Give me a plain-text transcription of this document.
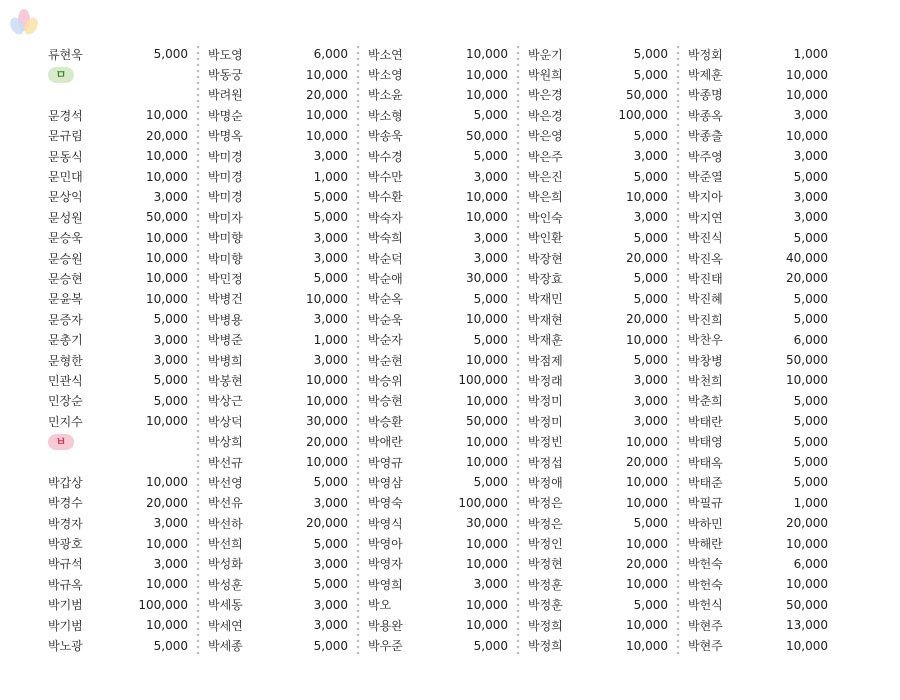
류현욱	5,000
ㅁ
문경석	10,000
문규림	20,000
문동식	10,000
문민대	10,000
문상익	3,000
문성원	50,000
문승욱	10,000
문승원	10,000
문승현	10,000
문윤복	10,000
문증자	5,000
문총기	3,000
문형한	3,000
민관식	5,000
민장순	5,000
민지수	10,000
ㅂ
박갑상	10,000
박경수	20,000
박경자	3,000
박광호	10,000
박규석	3,000
박규옥	10,000
박기범	100,000
박기범	10,000
박노광	5,000
박도영	6,000
박동궁	10,000
박려원	20,000
박명순	10,000
박명옥	10,000
박미경	3,000
박미경	1,000
박미경	5,000
박미자	5,000
박미향	3,000
박미향	3,000
박민정	5,000
박병건	10,000
박병용	3,000
박병준	1,000
박병희	3,000
박봉현	10,000
박상근	10,000
박상덕	30,000
박상희	20,000
박선규	10,000
박선영	5,000
박선유	3,000
박선하	20,000
박선희	5,000
박성화	3,000
박성훈	5,000
박세동	3,000
박세연	3,000
박세종	5,000
박소연	10,000
박소영	10,000
박소윤	10,000
박소형	5,000
박송욱	50,000
박수경	5,000
박수만	3,000
박수환	10,000
박숙자	10,000
박숙희	3,000
박순덕	3,000
박순애	30,000
박순옥	5,000
박순욱	10,000
박순자	5,000
박순현	10,000
박승위	100,000
박승현	10,000
박승환	50,000
박애란	10,000
박영규	10,000
박영삼	5,000
박영숙	100,000
박영식	30,000
박영아	10,000
박영자	10,000
박영희	3,000
박오	10,000
박용완	10,000
박우준	5,000
박운기	5,000
박원희	5,000
박은경	50,000
박은경	100,000
박은영	5,000
박은주	3,000
박은진	5,000
박은희	10,000
박인숙	3,000
박인환	5,000
박장현	20,000
박장효	5,000
박재민	5,000
박재현	20,000
박재훈	10,000
박점제	5,000
박정래	3,000
박정미	3,000
박정미	3,000
박정빈	10,000
박정섭	20,000
박정애	10,000
박정은	10,000
박정은	5,000
박정인	10,000
박정현	20,000
박정훈	10,000
박정훈	5,000
박정희	10,000
박정희	10,000
박정회	1,000
박제훈	10,000
박종명	10,000
박종옥	3,000
박종출	10,000
박주영	3,000
박준열	5,000
박지아	3,000
박지연	3,000
박진식	5,000
박진옥	40,000
박진태	20,000
박진혜	5,000
박진희	5,000
박찬우	6,000
박창병	50,000
박천희	10,000
박춘희	5,000
박태란	5,000
박태영	5,000
박태옥	5,000
박태준	5,000
박필규	1,000
박하민	20,000
박해란	10,000
박헌숙	6,000
박헌숙	10,000
박헌식	50,000
박현주	13,000
박현주	10,000
